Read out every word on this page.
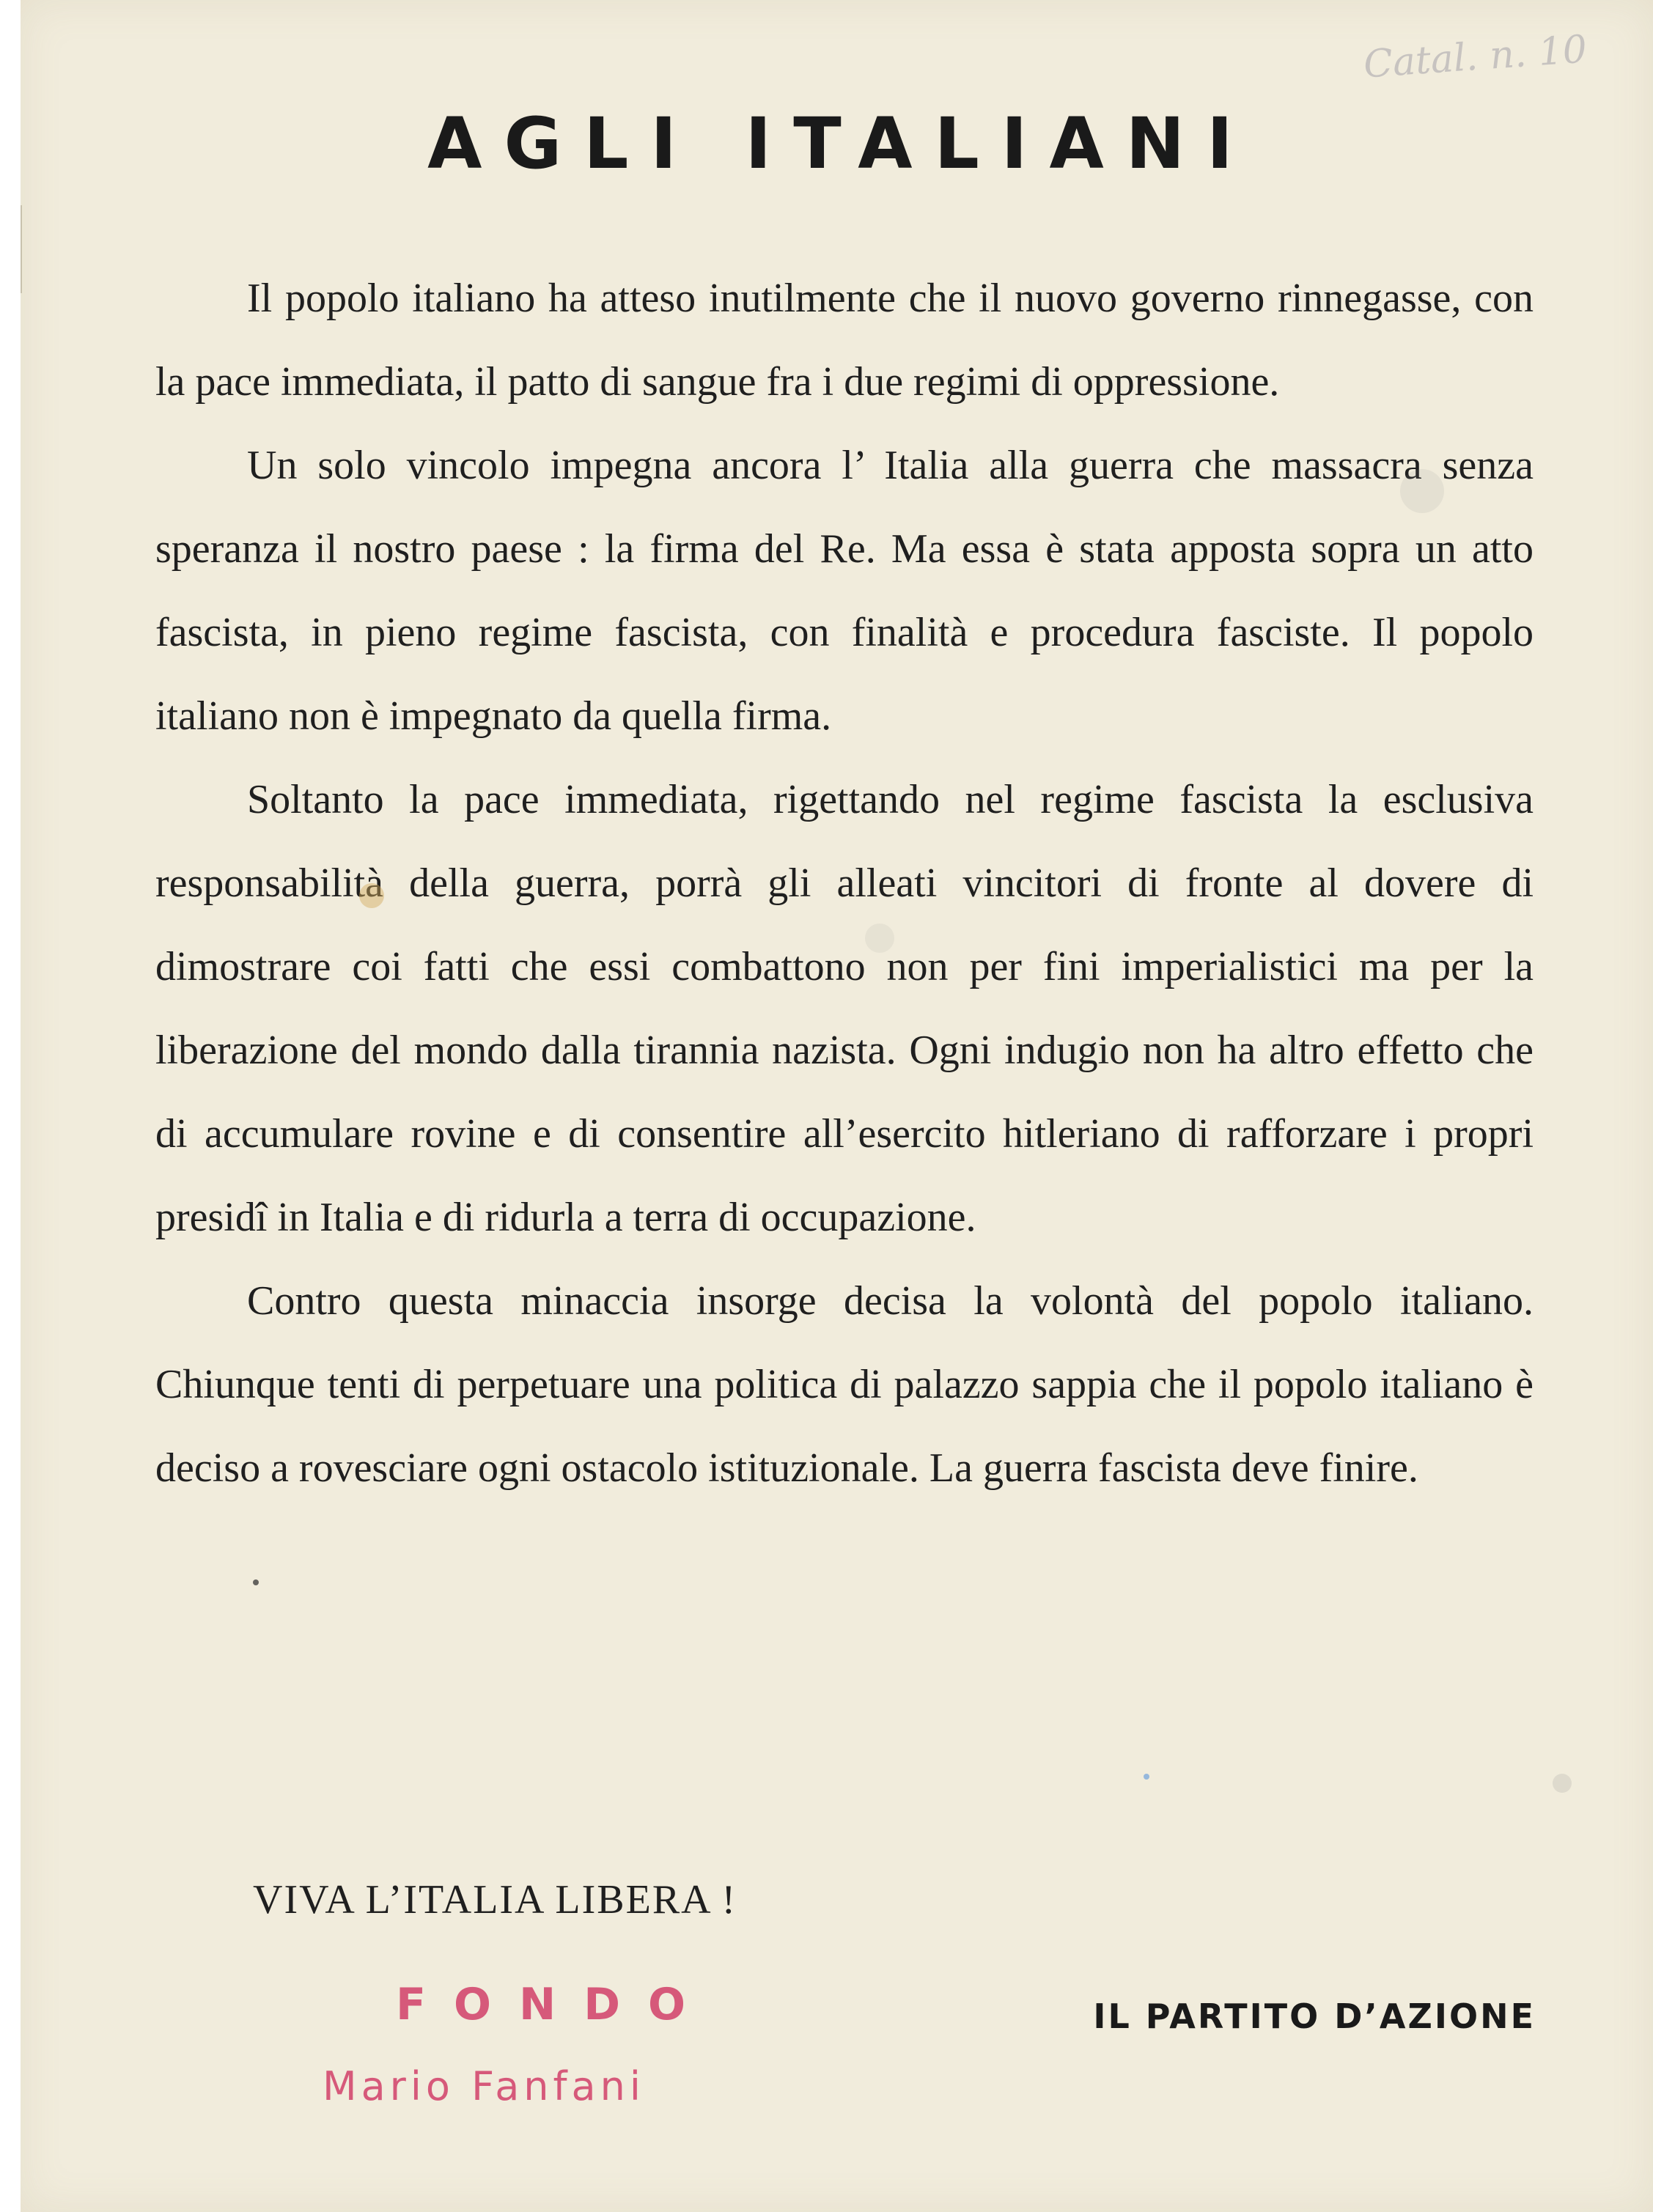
Catal. n. 10
AGLI ITALIANI

Il popolo italiano ha atteso inutilmente che il nuovo governo rinnegasse, con la pace immediata, il patto di sangue fra i due regimi di oppressione.

Un solo vincolo impegna ancora l’ Italia alla guerra che massacra senza speranza il nostro paese : la firma del Re. Ma essa è stata apposta sopra un atto fascista, in pieno regime fascista, con finalità e procedura fasciste. Il popolo italiano non è impegnato da quella firma.

Soltanto la pace immediata, rigettando nel regime fascista la esclusiva responsabilità della guerra, porrà gli alleati vincitori di fronte al dovere di dimostrare coi fatti che essi combattono non per fini imperialistici ma per la liberazione del mondo dalla tirannia nazista. Ogni indugio non ha altro effetto che di accumulare rovine e di consentire all’esercito hitleriano di rafforzare i propri presidî in Italia e di ridurla a terra di occupazione.

Contro questa minaccia insorge decisa la volontà del popolo italiano. Chiunque tenti di perpetuare una politica di palazzo sappia che il popolo italiano è deciso a rovesciare ogni ostacolo istituzionale. La guerra fascista deve finire.

VIVA L’ITALIA LIBERA !
FONDO
Mario Fanfani
IL PARTITO D’AZIONE
